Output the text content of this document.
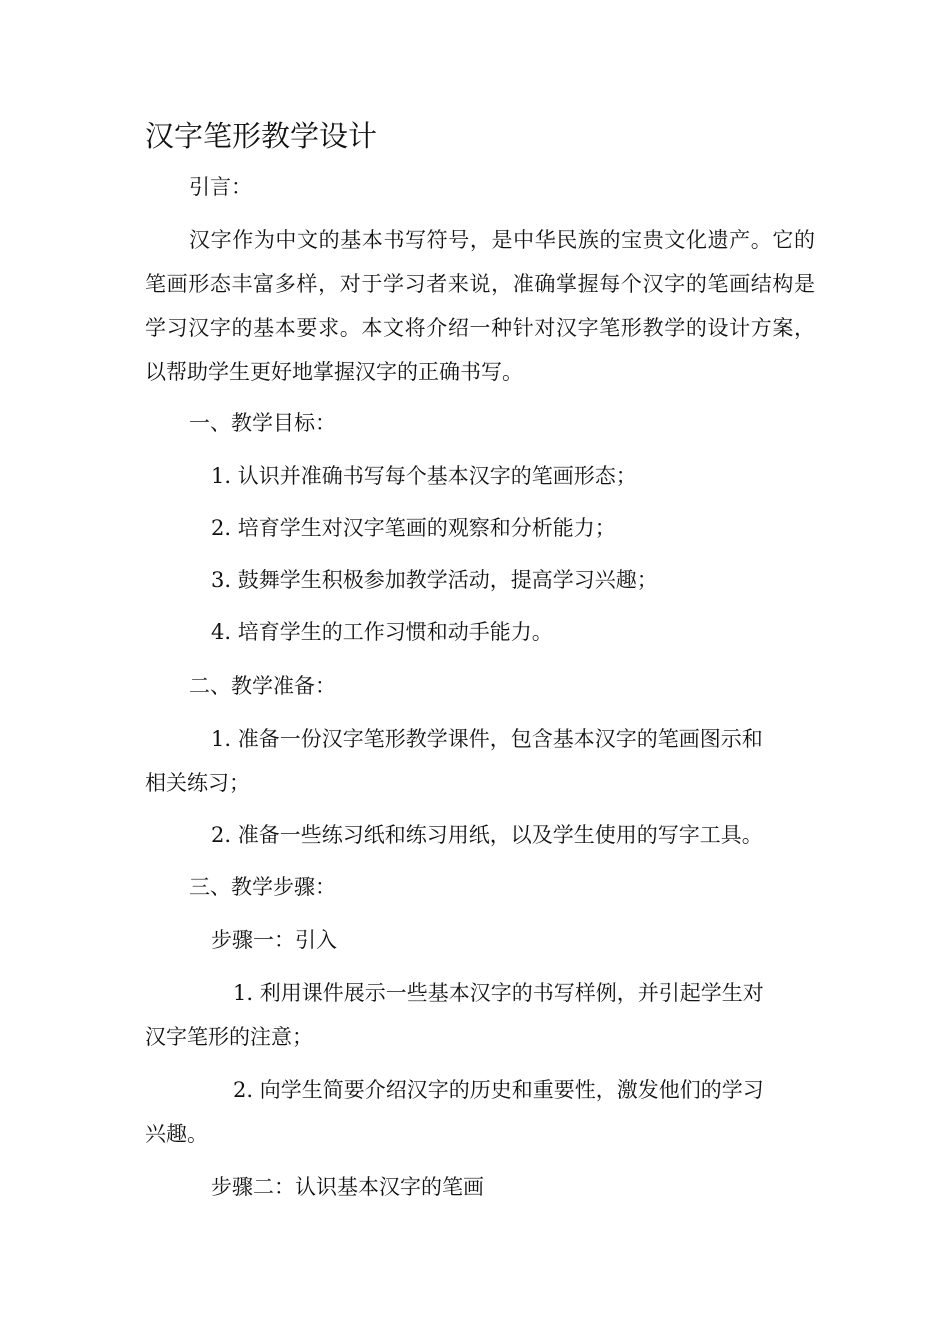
汉字笔形教学设计

引言：

汉字作为中文的基本书写符号，是中华民族的宝贵文化遗产。它的笔画形态丰富多样，对于学习者来说，准确掌握每个汉字的笔画结构是学习汉字的基本要求。本文将介绍一种针对汉字笔形教学的设计方案，以帮助学生更好地掌握汉字的正确书写。

一、教学目标：

1. 认识并准确书写每个基本汉字的笔画形态；

2. 培育学生对汉字笔画的观察和分析能力；

3. 鼓舞学生积极参加教学活动，提高学习兴趣；

4. 培育学生的工作习惯和动手能力。

二、教学准备：

1. 准备一份汉字笔形教学课件，包含基本汉字的笔画图示和

相关练习；

2. 准备一些练习纸和练习用纸，以及学生使用的写字工具。

三、教学步骤：

步骤一：引入

1. 利用课件展示一些基本汉字的书写样例，并引起学生对

汉字笔形的注意；

2. 向学生简要介绍汉字的历史和重要性，激发他们的学习

兴趣。

步骤二：认识基本汉字的笔画
